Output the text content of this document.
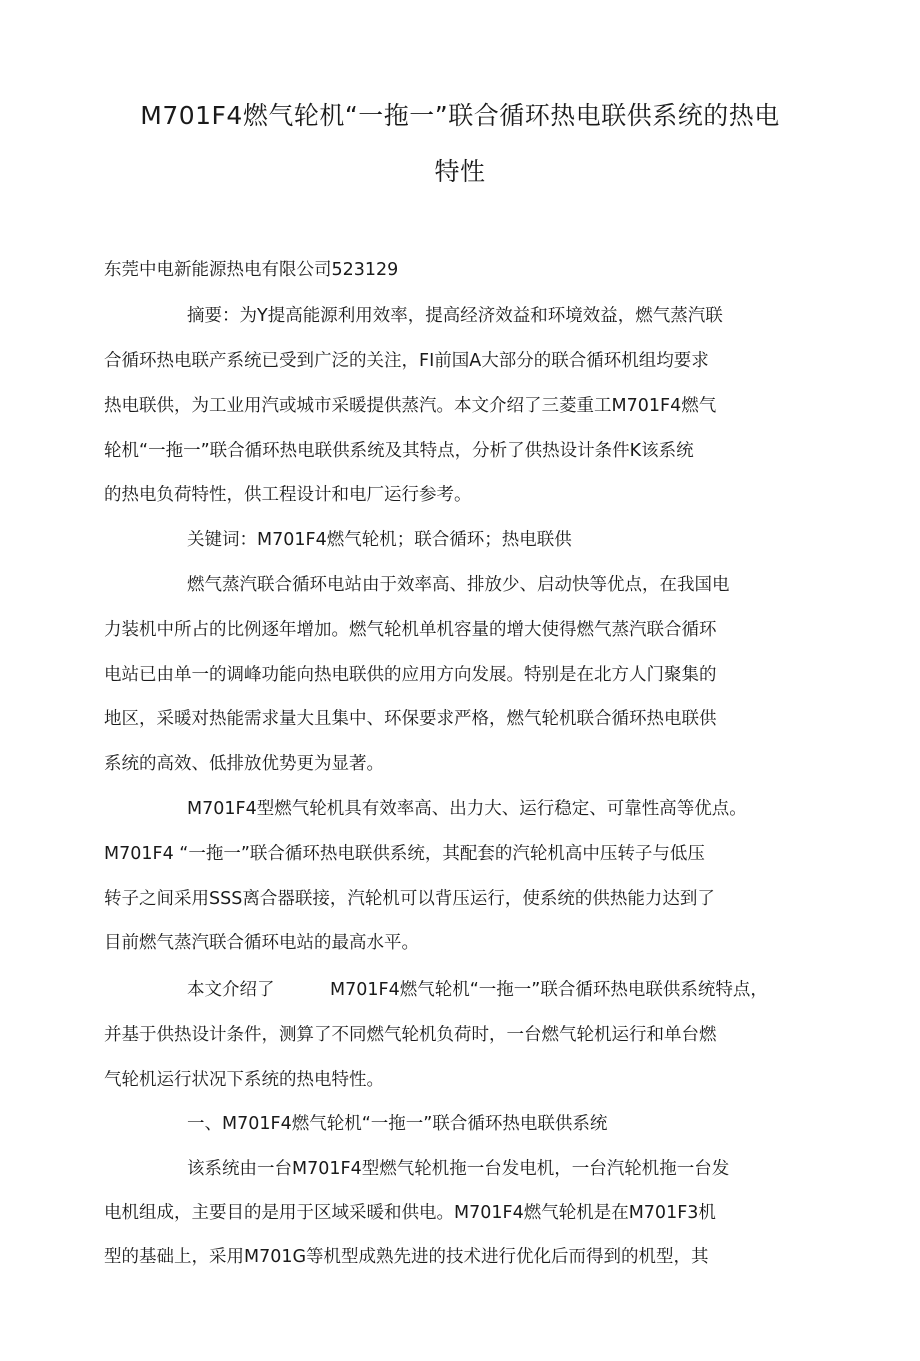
M701F4燃气轮机“一拖一”联合循环热电联供系统的热电
特性

东莞中电新能源热电有限公司523129

摘要：为Y提高能源利用效率，提高经济效益和环境效益，燃气蒸汽联

合循环热电联产系统已受到广泛的关注，FI前国A大部分的联合循环机组均要求

热电联供，为工业用汽或城市采暖提供蒸汽。本文介绍了三菱重工M701F4燃气

轮机“一拖一”联合循环热电联供系统及其特点，分析了供热设计条件K该系统

的热电负荷特性，供工程设计和电厂运行参考。

关键词：M701F4燃气轮机；联合循环；热电联供

燃气蒸汽联合循环电站由于效率高、排放少、启动快等优点，在我国电

力装机中所占的比例逐年增加。燃气轮机单机容量的增大使得燃气蒸汽联合循环

电站已由单一的调峰功能向热电联供的应用方向发展。特别是在北方人门聚集的

地区，采暖对热能需求量大且集中、环保要求严格，燃气轮机联合循环热电联供

系统的高效、低排放优势更为显著。

M701F4型燃气轮机具有效率高、出力大、运行稳定、可靠性高等优点。

M701F4 “一拖一”联合循环热电联供系统，其配套的汽轮机高中压转子与低压

转子之间采用SSS离合器联接，汽轮机可以背压运行，使系统的供热能力达到了

目前燃气蒸汽联合循环电站的最高水平。

本文介绍了	M701F4燃气轮机“一拖一”联合循环热电联供系统特点，

并基于供热设计条件，测算了不同燃气轮机负荷时，一台燃气轮机运行和单台燃

气轮机运行状况下系统的热电特性。

一、M701F4燃气轮机“一拖一”联合循环热电联供系统

该系统由一台M701F4型燃气轮机拖一台发电机，一台汽轮机拖一台发

电机组成，主要目的是用于区域采暖和供电。M701F4燃气轮机是在M701F3机

型的基础上，采用M701G等机型成熟先进的技术进行优化后而得到的机型，其
